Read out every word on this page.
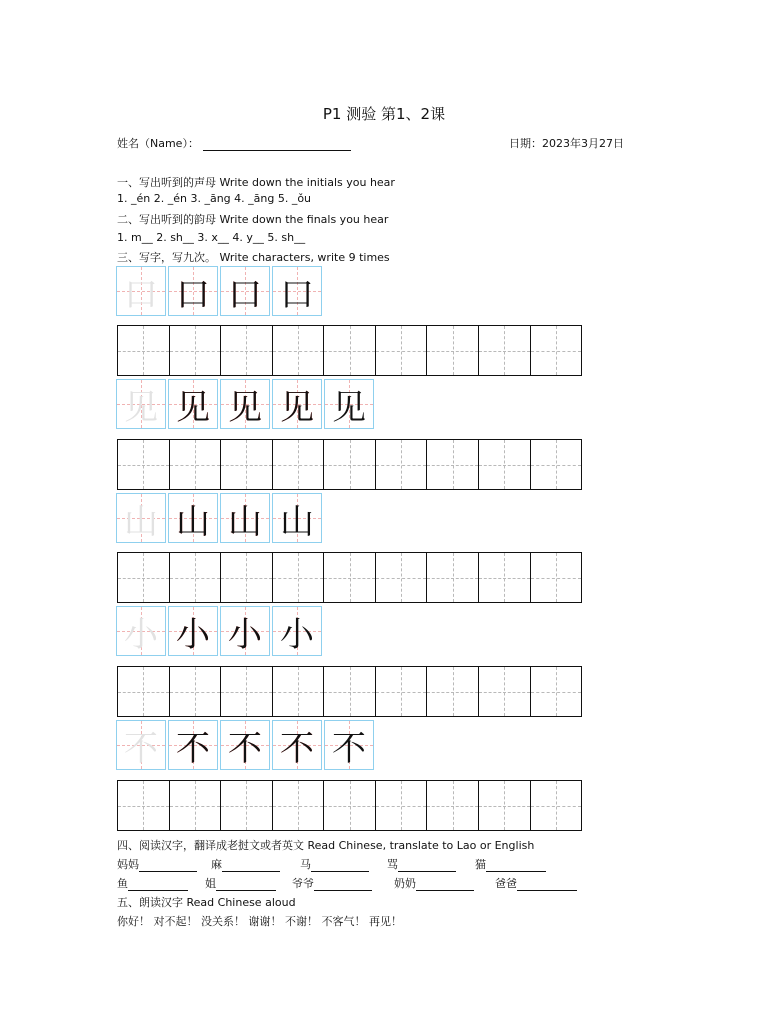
P1 测验 第1、2课
姓名（Name）：	日期：2023年3月27日
一、写出听到的声母 Write down the initials you hear
1. _én 2. _én 3. _āng 4. _āng 5. _ǒu
二、写出听到的韵母 Write down the finals you hear
1. m__ 2. sh__ 3. x__ 4. y__ 5. sh__
三、写字，写九次。 Write characters, write 9 times
口 口 口 口
见 见 见 见 见
山 山 山 山
小 小 小 小
不 不 不 不 不
四、阅读汉字，翻译成老挝文或者英文 Read Chinese, translate to Lao or English
妈妈	麻	马	骂	猫
鱼	姐	爷爷	奶奶	爸爸
五、朗读汉字 Read Chinese aloud
你好！ 对不起！ 没关系！ 谢谢！ 不谢！ 不客气！ 再见！
